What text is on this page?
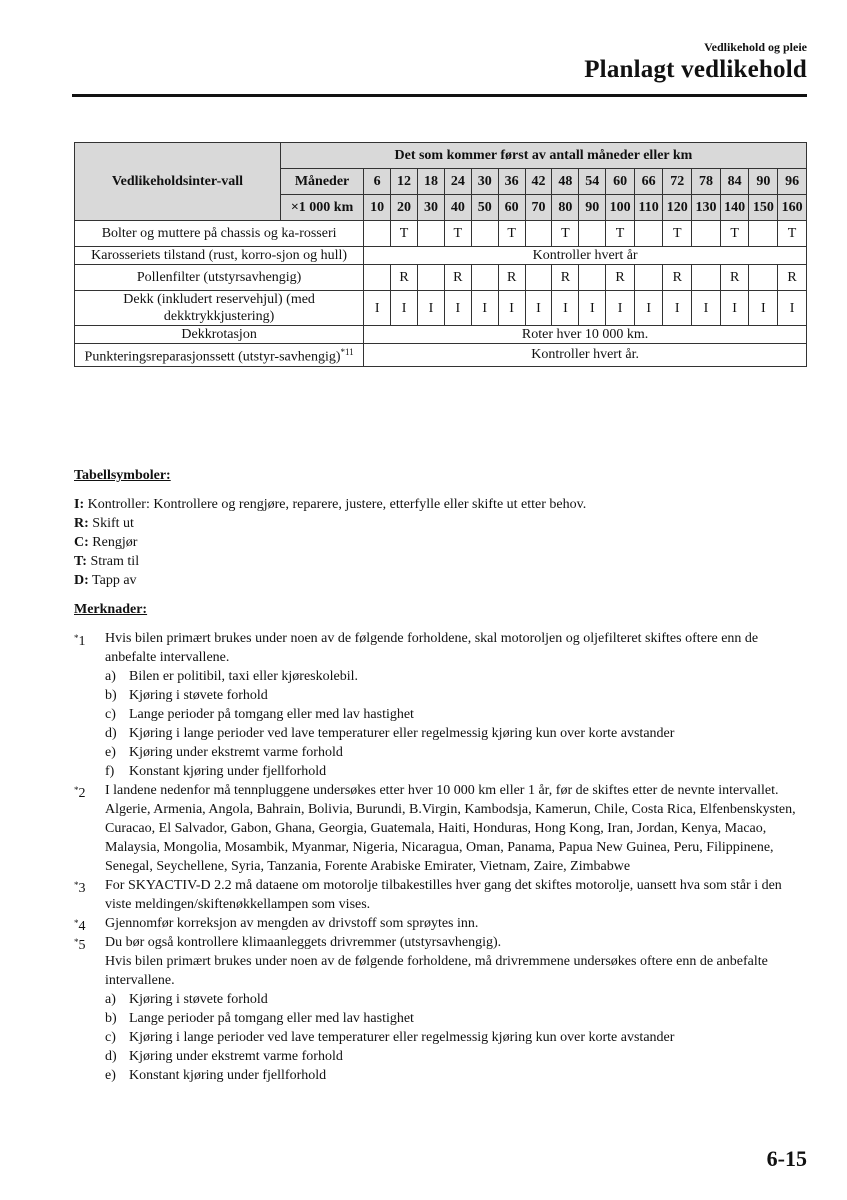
Vedlikehold og pleie
Planlagt vedlikehold
Vedlikeholdsinter-vall	Det som kommer først av antall måneder eller km																
	Måneder	6	12	18	24	30	36	42	48	54	60	66	72	78	84	90	96
	×1 000 km	10	20	30	40	50	60	70	80	90	100	110	120	130	140	150	160
Bolter og muttere på chassis og ka-rosseri			T		T		T		T		T		T		T		T
Karosseriets tilstand (rust, korro-sjon og hull)		Kontroller hvert år															
Pollenfilter (utstyrsavhengig)			R		R		R		R		R		R		R		R
Dekk (inkludert reservehjul) (med dekktrykkjustering)		I	I	I	I	I	I	I	I	I	I	I	I	I	I	I	I
Dekkrotasjon		Roter hver 10 000 km.															
Punkteringsreparasjonssett (utstyr-savhengig)$^{*11}$		Kontroller hvert år.															
Tabellsymboler:
I: Kontroller: Kontrollere og rengjøre, reparere, justere, etterfylle eller skifte ut etter behov.
R: Skift ut
C: Rengjør
T: Stram til
D: Tapp av
Merknader:
*1 Hvis bilen primært brukes under noen av de følgende forholdene, skal motoroljen og oljefilteret skiftes oftere enn de anbefalte intervallene.
a) Bilen er politibil, taxi eller kjøreskolebil.
b) Kjøring i støvete forhold
c) Lange perioder på tomgang eller med lav hastighet
d) Kjøring i lange perioder ved lave temperaturer eller regelmessig kjøring kun over korte avstander
e) Kjøring under ekstremt varme forhold
f)	Konstant kjøring under fjellforhold
*2 I landene nedenfor må tennpluggene undersøkes etter hver 10 000 km eller 1 år, før de skiftes etter de nevnte intervallet.
Algerie, Armenia, Angola, Bahrain, Bolivia, Burundi, B.Virgin, Kambodsja, Kamerun, Chile, Costa Rica, Elfenbenskysten, Curacao, El Salvador, Gabon, Ghana, Georgia, Guatemala, Haiti, Honduras, Hong Kong, Iran, Jordan, Kenya, Macao, Malaysia, Mongolia, Mosambik, Myanmar, Nigeria, Nicaragua, Oman, Panama, Papua New Guinea, Peru, Filippinene, Senegal, Seychellene, Syria, Tanzania, Forente Arabiske Emirater, Vietnam, Zaire, Zimbabwe
*3 For SKYACTIV-D 2.2 må dataene om motorolje tilbakestilles hver gang det skiftes motorolje, uansett hva som står i den viste meldingen/skiftenøkkellampen som vises.
*4 Gjennomfør korreksjon av mengden av drivstoff som sprøytes inn.
*5 Du bør også kontrollere klimaanleggets drivremmer (utstyrsavhengig).
Hvis bilen primært brukes under noen av de følgende forholdene, må drivremmene undersøkes oftere enn de anbefalte intervallene.
a) Kjøring i støvete forhold
b) Lange perioder på tomgang eller med lav hastighet
c) Kjøring i lange perioder ved lave temperaturer eller regelmessig kjøring kun over korte avstander
d) Kjøring under ekstremt varme forhold
e) Konstant kjøring under fjellforhold
6-15
